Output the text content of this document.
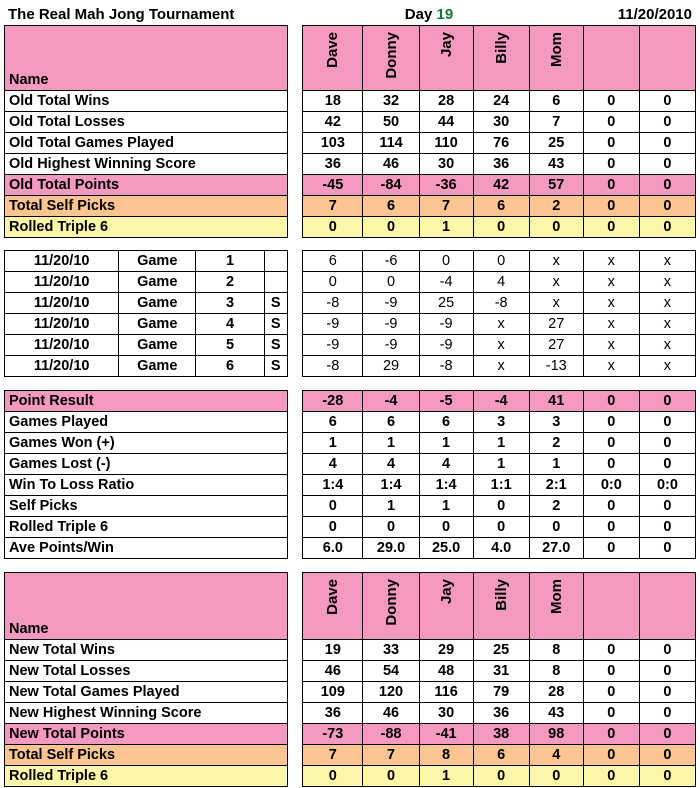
The Real Mah Jong Tournament	Day 19	11/20/2010
Name		Dave	Donny	Jay	Billy	Mom		
Old Total Wins		18	32	28	24	6	0	0
Old Total Losses		42	50	44	30	7	0	0
Old Total Games Played		103	114	110	76	25	0	0
Old Highest Winning Score		36	46	30	36	43	0	0
Old Total Points		-45	-84	-36	42	57	0	0
Total Self Picks		7	6	7	6	2	0	0
Rolled Triple 6		0	0	1	0	0	0	0
11/20/10	Game	1			6	-6	0	0	x	x	x
11/20/10	Game	2			0	0	-4	4	x	x	x
11/20/10	Game	3	S		-8	-9	25	-8	x	x	x
11/20/10	Game	4	S		-9	-9	-9	x	27	x	x
11/20/10	Game	5	S		-9	-9	-9	x	27	x	x
11/20/10	Game	6	S		-8	29	-8	x	-13	x	x
Point Result		-28	-4	-5	-4	41	0	0
Games Played		6	6	6	3	3	0	0
Games Won (+)		1	1	1	1	2	0	0
Games Lost (-)		4	4	4	1	1	0	0
Win To Loss Ratio		1:4	1:4	1:4	1:1	2:1	0:0	0:0
Self Picks		0	1	1	0	2	0	0
Rolled Triple 6		0	0	0	0	0	0	0
Ave Points/Win		6.0	29.0	25.0	4.0	27.0	0	0
Name		Dave	Donny	Jay	Billy	Mom		
New Total Wins		19	33	29	25	8	0	0
New Total Losses		46	54	48	31	8	0	0
New Total Games Played		109	120	116	79	28	0	0
New Highest Winning Score		36	46	30	36	43	0	0
New Total Points		-73	-88	-41	38	98	0	0
Total Self Picks		7	7	8	6	4	0	0
Rolled Triple 6		0	0	1	0	0	0	0
